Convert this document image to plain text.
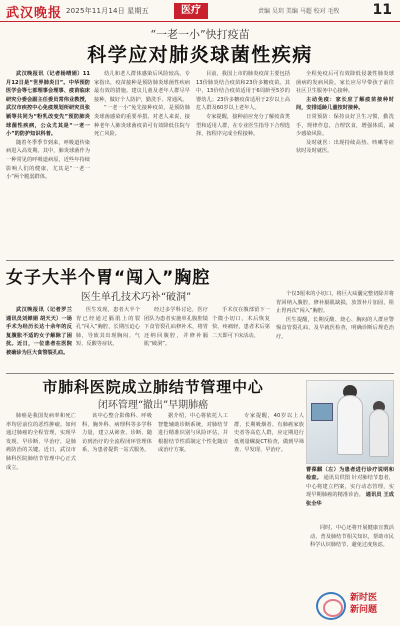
武汉晚报 2025年11月14日 星期五	医疗	责编 吴玥 美编 马超 校对 毛牧 11
“一老一小”快打疫苗
科学应对肺炎球菌性疾病

武汉晚报讯（记者杨晴娟）11月12日是“世界肺炎日”。中华预防医学会等七部理事会理事、疫苗临床研究分委会副主任委员常伟业教授，武汉市疾控中心免疫规划所研究员张颖等共同为“粉乳改变先”预防肺炎球菌性疾病，公众尤其是“一老一小”的防护知识科普。

随着冬季季节到来，呼吸道传染病进入高发期。其中，肺炎球菌作为一种常见的呼吸道病原，近些年持续影响人们的健康，尤其是“一老一小”两个脆弱群体。

幼儿和老人群体感染后风险较高。专家指出，疫苗接种是预防肺炎球菌性疾病最有效的措施。建议儿童及老年人群尽早接种，做好个人防护，勤洗手、常通风。

“一老一小”免先接种疫苗，是预防肺炎球菌感染的重要举措。对老人来说，接种老年人肺炎球菌疫苗可有效降低住院与死亡风险。

目前，我国上市的肺炎疫苗主要包括13价肺炎结合疫苗和23价多糖疫苗。其中，13价结合疫苗适用于6周龄至5岁的婴幼儿；23价多糖疫苗适用于2岁以上高危人群及60岁以上老年人。

专家提醒，接种前应充分了解疫苗类型和适用人群，在专业医生指导下合理选择，按程序完成全程接种。

全程免疫后可有效降低侵袭性肺炎球菌病的发病风险。家长应尽早带孩子前往社区卫生服务中心接种。

主动免疫：家长应了解疫苗接种时间，安排适龄儿童按时接种。

日常预防：保持良好卫生习惯，勤洗手，规律作息，合理饮食，增强体质，减少感染风险。

及时就医：出现持续高热、咳嗽等症状时及时就医。

女子大半个胃“闯入”胸腔
医生单孔技术巧补“破洞”

武汉晚报讯（记者罗兰 通讯员刘婵娟 胡天天）一场手术为经历长达十余年的反复腹胀不适的女子解除了困扰。近日，一位患者在医院被确诊为巨大食管裂孔疝。

医生发现，患者大半个胃已经通过膈肌上的裂孔“闯入”胸腔，长期压迫心肺，导致其出现胸闷、气短、反酸等症状。

经过多学科讨论，医疗团队为患者实施单孔腹腔镜下食管裂孔疝修补术，将胃还纳回腹腔，并修补膈肌“破洞”。

手术仅在腹部留下一个微小切口，术后恢复快、疼痛轻，患者术后第二天即可下床活动。

个仅3厘米的小切口，将巨大疝囊完整切除并将胃回纳入腹腔，修补膈肌缺损，放置补片加固，阻止胃再次“闯入”胸腔。

医生提醒，长期反酸、烧心、胸闷的人群应警惕食管裂孔疝，及早就医检查，明确诊断后规范治疗。

市肺科医院成立肺结节管理中心
闭环管理“撤出”早期肺癌

肺癌是我国发病率和死亡率均居前位的恶性肿瘤。如何通过肺癌的全程管理，实现早发现、早诊断、早治疗，是肺癌防治的关键。近日，武汉市肺科医院肺结节管理中心正式成立。

该中心整合影像科、呼吸科、胸外科、病理科等多学科力量，建立从筛查、诊断、随访到治疗的全流程闭环管理体系，为患者提供一站式服务。

据介绍，中心将依托人工智能辅助诊断系统，对肺结节进行精准识别与风险评估，并根据结节性质制定个性化随访或治疗方案。

专家提醒，40岁以上人群、长期吸烟者、有肺癌家族史者等高危人群，应定期进行低剂量螺旋CT检查，做到早筛查、早发现、早治疗。

曹葆麒（左）为患者进行诊疗说明和检查。 通讯员供图 针对肺结节患者，中心将建立档案，实行动态管理，实现早期肺癌的精准诊治。 通讯员 王成 张全华

同时，中心还将开展健康宣教活动，普及肺结节相关知识，帮助市民科学认识肺结节，避免过度焦虑。

新时医
新问题
